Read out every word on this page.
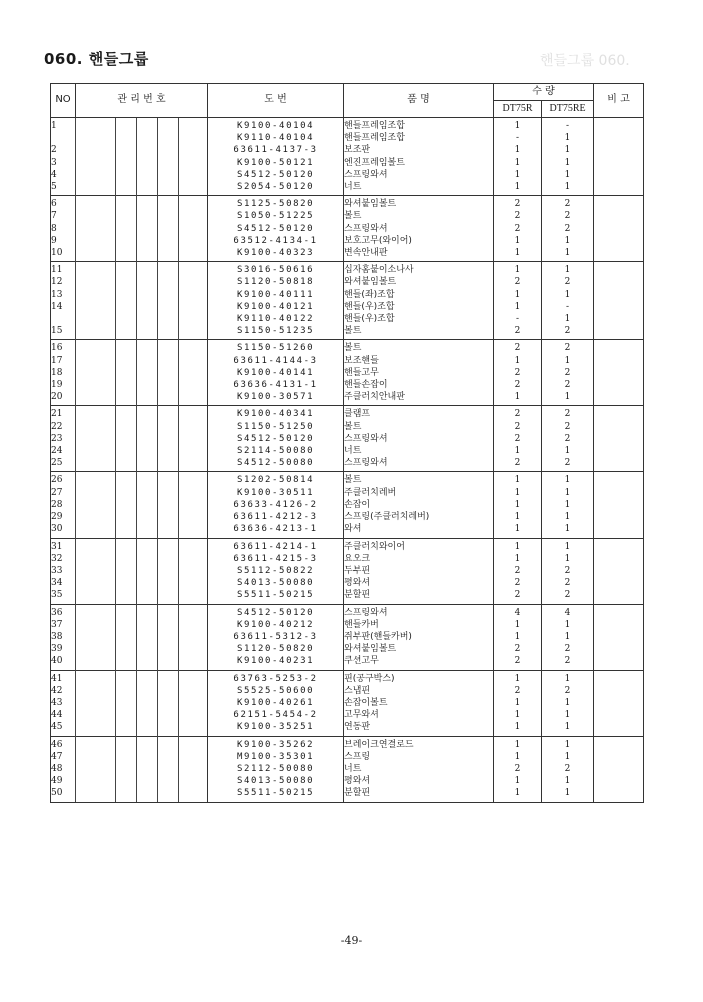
핸들그룹 060.
060. 핸들그룹
NO	관 리 번 호					도 번	품 명	수 량		비 고
								DT75R	DT75RE	
1						K9100-40104	핸들프레임조합	1	-	
						K9110-40104	핸들프레임조합	-	1	
2						63611-4137-3	보조판	1	1	
3						K9100-50121	엔진프레임볼트	1	1	
4						S4512-50120	스프링와셔	1	1	
5						S2054-50120	너트	1	1	
6						S1125-50820	와셔붙임볼트	2	2	
7						S1050-51225	볼트	2	2	
8						S4512-50120	스프링와셔	2	2	
9						63512-4134-1	보호고무(와이어)	1	1	
10						K9100-40323	변속안내판	1	1	
11						S3016-50616	십자홈붙이소나사	1	1	
12						S1120-50818	와셔붙임볼트	2	2	
13						K9100-40111	핸들(좌)조합	1	1	
14						K9100-40121	핸들(우)조합	1	-	
						K9110-40122	핸들(우)조합	-	1	
15						S1150-51235	볼트	2	2	
16						S1150-51260	볼트	2	2	
17						63611-4144-3	보조핸들	1	1	
18						K9100-40141	핸들고무	2	2	
19						63636-4131-1	핸들손잡이	2	2	
20						K9100-30571	주클러치안내판	1	1	
21						K9100-40341	클램프	2	2	
22						S1150-51250	볼트	2	2	
23						S4512-50120	스프링와셔	2	2	
24						S2114-50080	너트	1	1	
25						S4512-50080	스프링와셔	2	2	
26						S1202-50814	볼트	1	1	
27						K9100-30511	주클러치레버	1	1	
28						63633-4126-2	손잡이	1	1	
29						63611-4212-3	스프링(주클러치레버)	1	1	
30						63636-4213-1	와셔	1	1	
31						63611-4214-1	주클러치와이어	1	1	
32						63611-4215-3	요오크	1	1	
33						S5112-50822	두부핀	2	2	
34						S4013-50080	평와셔	2	2	
35						S5511-50215	분할핀	2	2	
36						S4512-50120	스프링와셔	4	4	
37						K9100-40212	핸들카버	1	1	
38						63611-5312-3	쥐부판(핸들카버)	1	1	
39						S1120-50820	와셔붙임볼트	2	2	
40						K9100-40231	쿠션고무	2	2	
41						63763-5253-2	핀(공구박스)	1	1	
42						S5525-50600	스냅핀	2	2	
43						K9100-40261	손잡이볼트	1	1	
44						62151-5454-2	고무와셔	1	1	
45						K9100-35251	연동판	1	1	
46						K9100-35262	브레이크연결로드	1	1	
47						M9100-35301	스프링	1	1	
48						S2112-50080	너트	2	2	
49						S4013-50080	평와셔	1	1	
50						S5511-50215	분할핀	1	1	
-49-
